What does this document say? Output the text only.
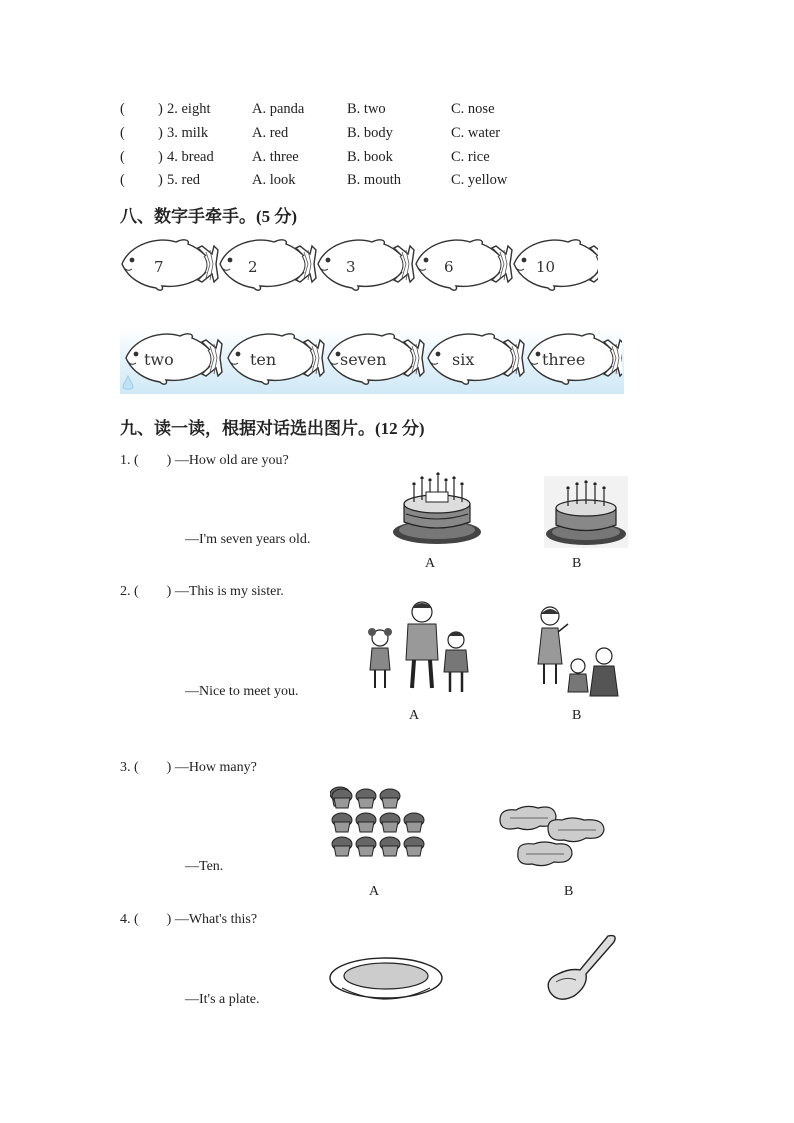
( ) 2. eight	A. panda	B. two	C. nose
( ) 3. milk	A. red	B. body	C. water
( ) 4. bread	A. three	B. book	C. rice
( ) 5. red	A. look	B. mouth	C. yellow
八、数字手牵手。(5 分)
7	2	3	6	10
two	ten	seven	six	three
九、读一读，根据对话选出图片。(12 分)
1. (　　) —How old are you?
—I'm seven years old.
A	B
2. (　　) —This is my sister.
—Nice to meet you.
A	B
3. (　　) —How many?
—Ten.
A	B
4. (　　) —What's this?
—It's a plate.
